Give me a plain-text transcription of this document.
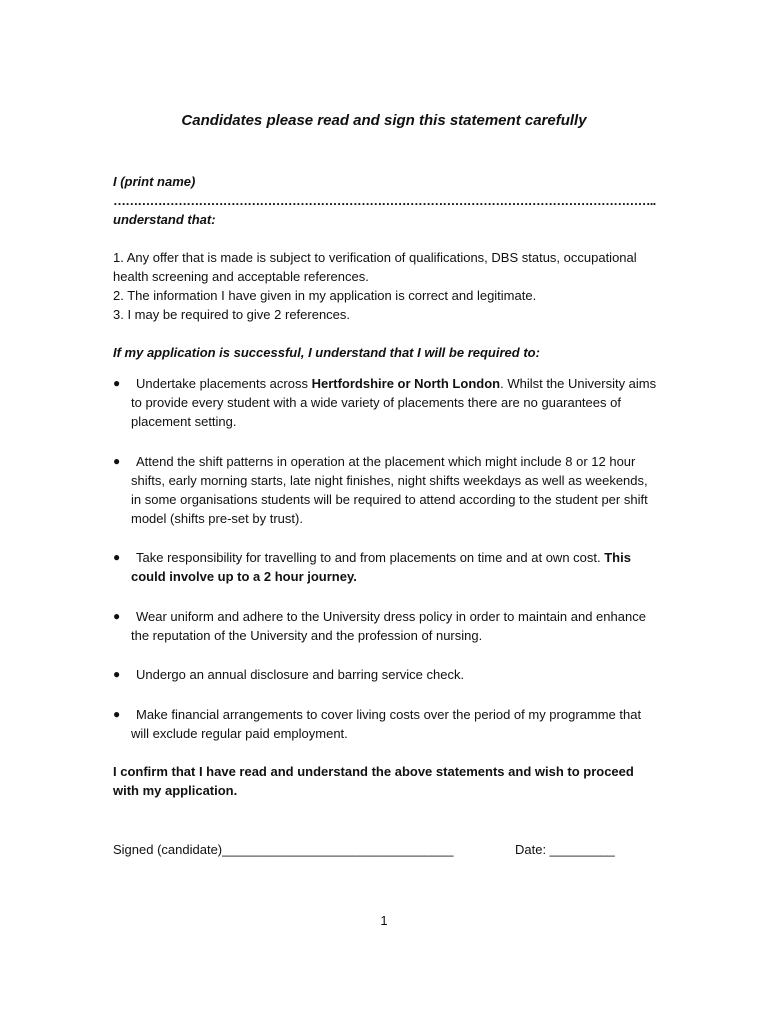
Candidates please read and sign this statement carefully
I (print name)
……………………………………………………………………………………………………………………..
understand that:
1. Any offer that is made is subject to verification of qualifications, DBS status, occupational health screening and acceptable references.
2. The information I have given in my application is correct and legitimate.
3. I may be required to give 2 references.
If my application is successful, I understand that I will be required to:
●	Undertake placements across Hertfordshire or North London. Whilst the University aims to provide every student with a wide variety of placements there are no guarantees of placement setting.
●	Attend the shift patterns in operation at the placement which might include 8 or 12 hour shifts, early morning starts, late night finishes, night shifts weekdays as well as weekends, in some organisations students will be required to attend according to the student per shift model (shifts pre-set by trust).
●	Take responsibility for travelling to and from placements on time and at own cost. This could involve up to a 2 hour journey.
●	Wear uniform and adhere to the University dress policy in order to maintain and enhance the reputation of the University and the profession of nursing.
●	Undergo an annual disclosure and barring service check.
●	Make financial arrangements to cover living costs over the period of my programme that will exclude regular paid employment.
I confirm that I have read and understand the above statements and wish to proceed with my application.
Signed (candidate)________________________________	Date: _________
1
